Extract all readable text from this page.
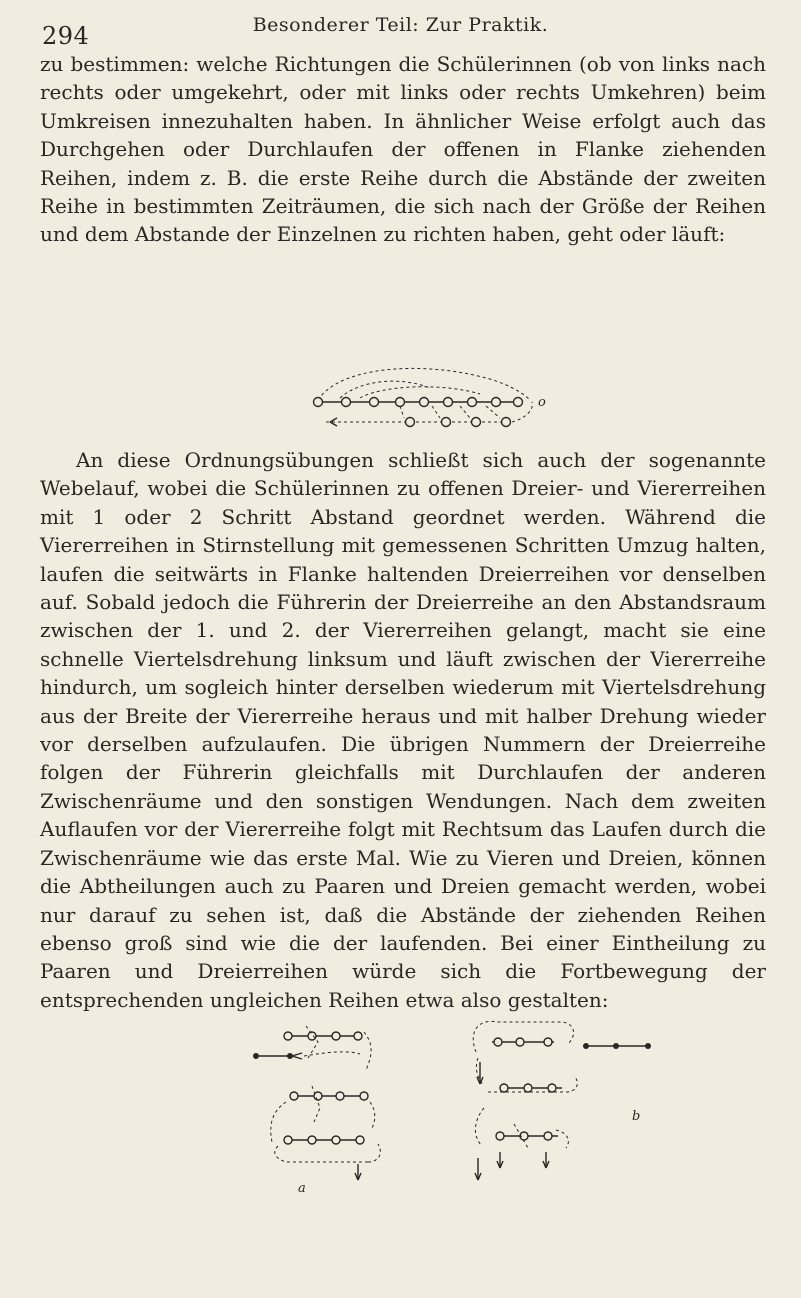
294	Besonderer Teil: Zur Praktik.

zu bestimmen: welche Richtungen die Schülerinnen (ob von links nach rechts oder umgekehrt, oder mit links oder rechts Umkehren) beim Umkreisen innezuhalten haben. In ähnlicher Weise erfolgt auch das Durchgehen oder Durchlaufen der offenen in Flanke ziehenden Reihen, indem z. B. die erste Reihe durch die Abstände der zweiten Reihe in bestimmten Zeiträumen, die sich nach der Größe der Reihen und dem Abstande der Einzelnen zu richten haben, geht oder läuft:

o

An diese Ordnungsübungen schließt sich auch der sogenannte Webelauf, wobei die Schülerinnen zu offenen Dreier- und Viererreihen mit 1 oder 2 Schritt Abstand geordnet werden. Während die Viererreihen in Stirnstellung mit gemessenen Schritten Umzug halten, laufen die seitwärts in Flanke haltenden Dreierreihen vor denselben auf. Sobald jedoch die Führerin der Dreierreihe an den Abstandsraum zwischen der 1. und 2. der Viererreihen gelangt, macht sie eine schnelle Viertelsdrehung linksum und läuft zwischen der Viererreihe hindurch, um sogleich hinter derselben wiederum mit Viertelsdrehung aus der Breite der Viererreihe heraus und mit halber Drehung wieder vor derselben aufzulaufen. Die übrigen Nummern der Dreierreihe folgen der Führerin gleichfalls mit Durchlaufen der anderen Zwischenräume und den sonstigen Wendungen. Nach dem zweiten Auflaufen vor der Viererreihe folgt mit Rechtsum das Laufen durch die Zwischenräume wie das erste Mal. Wie zu Vieren und Dreien, können die Abtheilungen auch zu Paaren und Dreien gemacht werden, wobei nur darauf zu sehen ist, daß die Abstände der ziehenden Reihen ebenso groß sind wie die der laufenden. Bei einer Eintheilung zu Paaren und Dreierreihen würde sich die Fortbewegung der entsprechenden ungleichen Reihen etwa also gestalten:

a
b
